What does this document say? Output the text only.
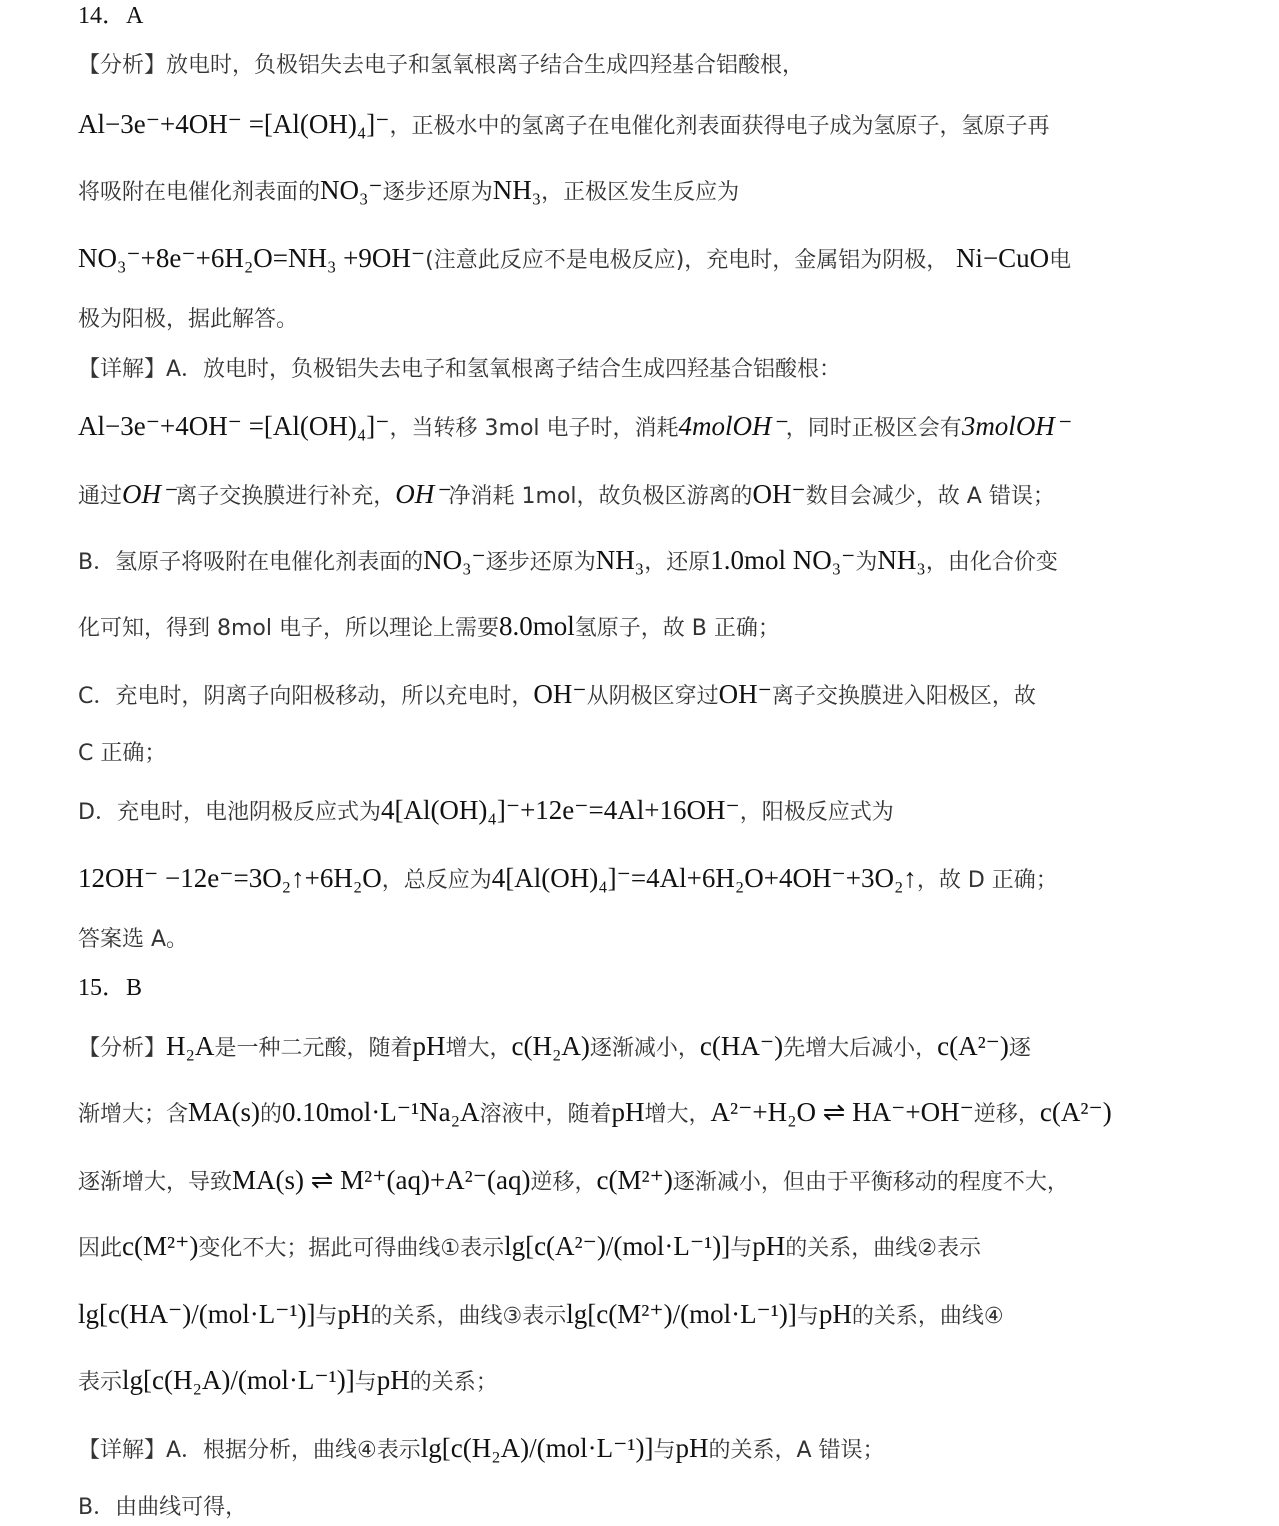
14．A
【分析】放电时，负极铝失去电子和氢氧根离子结合生成四羟基合铝酸根，
Al−3e⁻+4OH⁻ =[Al(OH)₄]⁻，正极水中的氢离子在电催化剂表面获得电子成为氢原子，氢原子再
将吸附在电催化剂表面的NO₃⁻逐步还原为NH₃，正极区发生反应为
NO₃⁻+8e⁻+6H₂O=NH₃ +9OH⁻(注意此反应不是电极反应)，充电时，金属铝为阴极， Ni−CuO电
极为阳极，据此解答。
【详解】A．放电时，负极铝失去电子和氢氧根离子结合生成四羟基合铝酸根：
Al−3e⁻+4OH⁻ =[Al(OH)₄]⁻，当转移 3mol 电子时，消耗4molOH⁻，同时正极区会有3molOH⁻
通过OH⁻离子交换膜进行补充，OH⁻净消耗 1mol，故负极区游离的OH⁻数目会减少，故 A 错误；
B．氢原子将吸附在电催化剂表面的NO₃⁻逐步还原为NH₃，还原1.0mol NO₃⁻为NH₃，由化合价变
化可知，得到 8mol 电子，所以理论上需要8.0mol氢原子，故 B 正确；
C．充电时，阴离子向阳极移动，所以充电时，OH⁻从阴极区穿过OH⁻离子交换膜进入阳极区，故
C 正确；
D．充电时，电池阴极反应式为4[Al(OH)₄]⁻+12e⁻=4Al+16OH⁻，阳极反应式为
12OH⁻ −12e⁻=3O₂↑+6H₂O，总反应为4[Al(OH)₄]⁻=4Al+6H₂O+4OH⁻+3O₂↑，故 D 正确；
答案选 A。
15．B
【分析】H₂A是一种二元酸，随着pH增大，c(H₂A)逐渐减小，c(HA⁻)先增大后减小，c(A²⁻)逐
渐增大；含MA(s)的0.10mol·L⁻¹Na₂A溶液中，随着pH增大，A²⁻+H₂O ⇌ HA⁻+OH⁻逆移，c(A²⁻)
逐渐增大，导致MA(s) ⇌ M²⁺(aq)+A²⁻(aq)逆移，c(M²⁺)逐渐减小，但由于平衡移动的程度不大，
因此c(M²⁺)变化不大；据此可得曲线①表示lg[c(A²⁻)/(mol·L⁻¹)]与pH的关系，曲线②表示
lg[c(HA⁻)/(mol·L⁻¹)]与pH的关系，曲线③表示lg[c(M²⁺)/(mol·L⁻¹)]与pH的关系，曲线④
表示lg[c(H₂A)/(mol·L⁻¹)]与pH的关系；
【详解】A．根据分析，曲线④表示lg[c(H₂A)/(mol·L⁻¹)]与pH的关系，A 错误；
B．由曲线可得，
